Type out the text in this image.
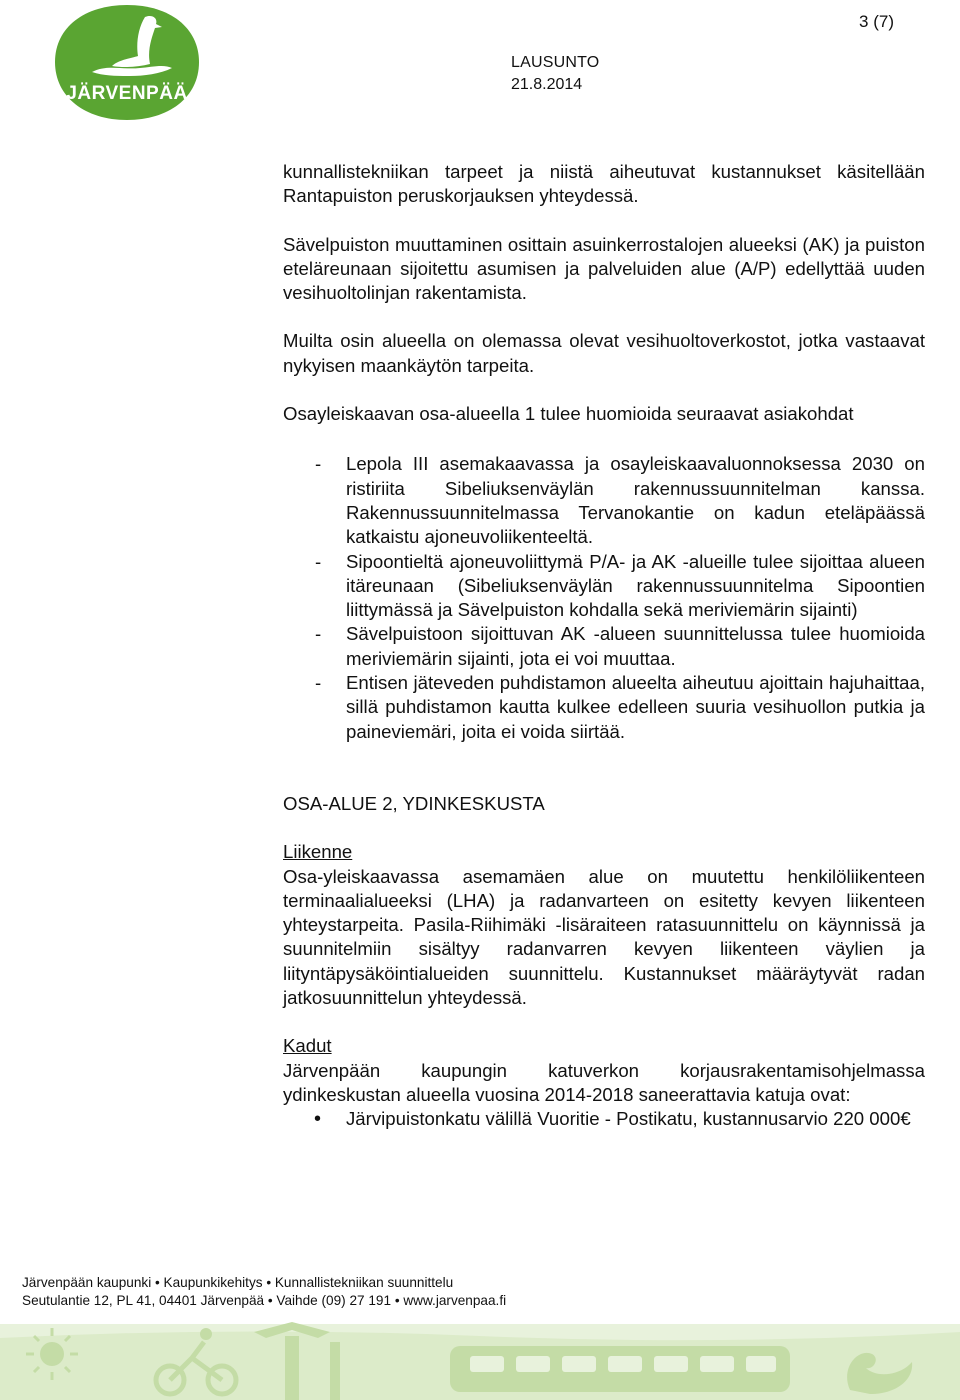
JÄRVENPÄÄ
3 (7)
LAUSUNTO
21.8.2014

kunnallistekniikan tarpeet ja niistä aiheutuvat kustannukset käsitellään Rantapuiston peruskorjauksen yhteydessä.

Sävelpuiston muuttaminen osittain asuinkerrostalojen alueeksi (AK) ja puiston eteläreunaan sijoitettu asumisen ja palveluiden alue (A/P) edellyttää uuden vesihuoltolinjan rakentamista.

Muilta osin alueella on olemassa olevat vesihuoltoverkostot, jotka vastaavat nykyisen maankäytön tarpeita.

Osayleiskaavan osa-alueella 1 tulee huomioida seuraavat asiakohdat

- Lepola III asemakaavassa ja osayleiskaavaluonnoksessa 2030 on ristiriita Sibeliuksenväylän rakennussuunnitelman kanssa. Rakennussuunnitelmassa Tervanokantie on kadun eteläpäässä katkaistu ajoneuvoliikenteeltä.
- Sipoontieltä ajoneuvoliittymä P/A- ja AK -alueille tulee sijoittaa alueen itäreunaan (Sibeliuksenväylän rakennussuunnitelma Sipoontien liittymässä ja Sävelpuiston kohdalla sekä meriviemärin sijainti)
- Sävelpuistoon sijoittuvan AK -alueen suunnittelussa tulee huomioida meriviemärin sijainti, jota ei voi muuttaa.
- Entisen jäteveden puhdistamon alueelta aiheutuu ajoittain hajuhaittaa, sillä puhdistamon kautta kulkee edelleen suuria vesihuollon putkia ja paineviemäri, joita ei voida siirtää.

OSA-ALUE 2, YDINKESKUSTA

Liikenne

Osa-yleiskaavassa asemamäen alue on muutettu henkilöliikenteen terminaalialueeksi (LHA) ja radanvarteen on esitetty kevyen liikenteen yhteystarpeita. Pasila-Riihimäki -lisäraiteen ratasuunnittelu on käynnissä ja suunnitelmiin sisältyy radanvarren kevyen liikenteen väylien ja liityntäpysäköintialueiden suunnittelu. Kustannukset määräytyvät radan jatkosuunnittelun yhteydessä.

Kadut

Järvenpään kaupungin katuverkon korjausrakentamisohjelmassa ydinkeskustan alueella vuosina 2014-2018 saneerattavia katuja ovat:

• Järvipuistonkatu välillä Vuoritie - Postikatu, kustannusarvio 220 000€
Järvenpään kaupunki • Kaupunkikehitys • Kunnallistekniikan suunnittelu
Seutulantie 12, PL 41, 04401 Järvenpää • Vaihde (09) 27 191 • www.jarvenpaa.fi
